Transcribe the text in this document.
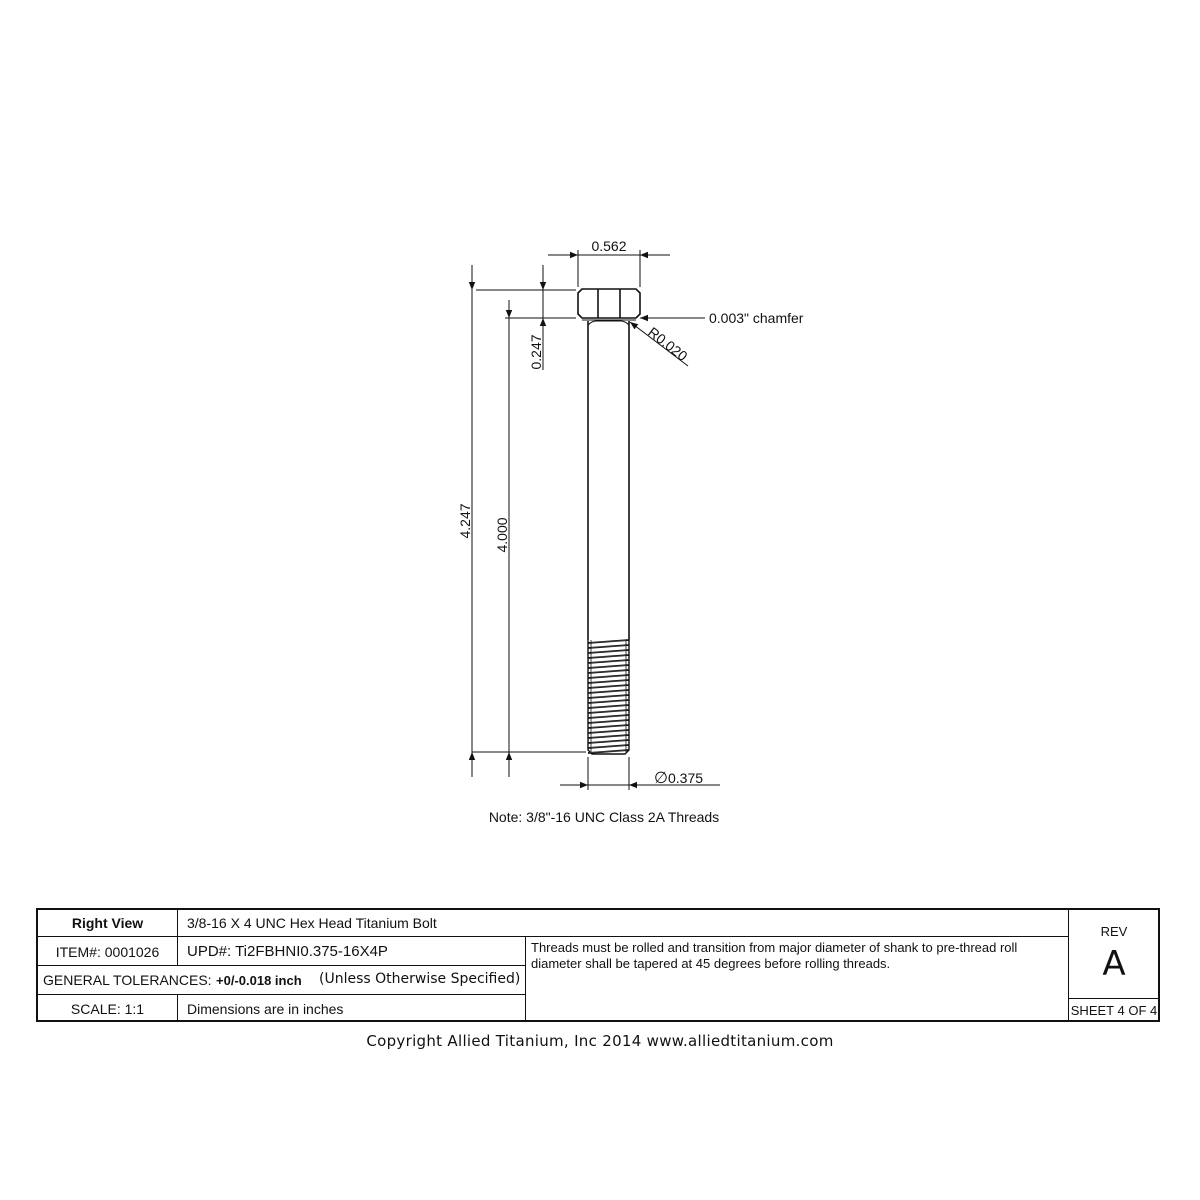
0.562
0.247
4.247 4.000
∅ 0.375
0.003" chamfer
R0.020
Note: 3/8"-16 UNC Class 2A Threads
Right View	3/8-16 X 4 UNC Hex Head Titanium Bolt
ITEM#: 0001026	UPD#: Ti2FBHNI0.375-16X4P
GENERAL TOLERANCES: +0/-0.018 inch (Unless Otherwise Specified)
SCALE: 1:1	Dimensions are in inches
Threads must be rolled and transition from major diameter of shank to pre-thread roll diameter shall be tapered at 45 degrees before rolling threads.
REV
A
SHEET 4 OF 4
Copyright Allied Titanium, Inc 2014 www.alliedtitanium.com
